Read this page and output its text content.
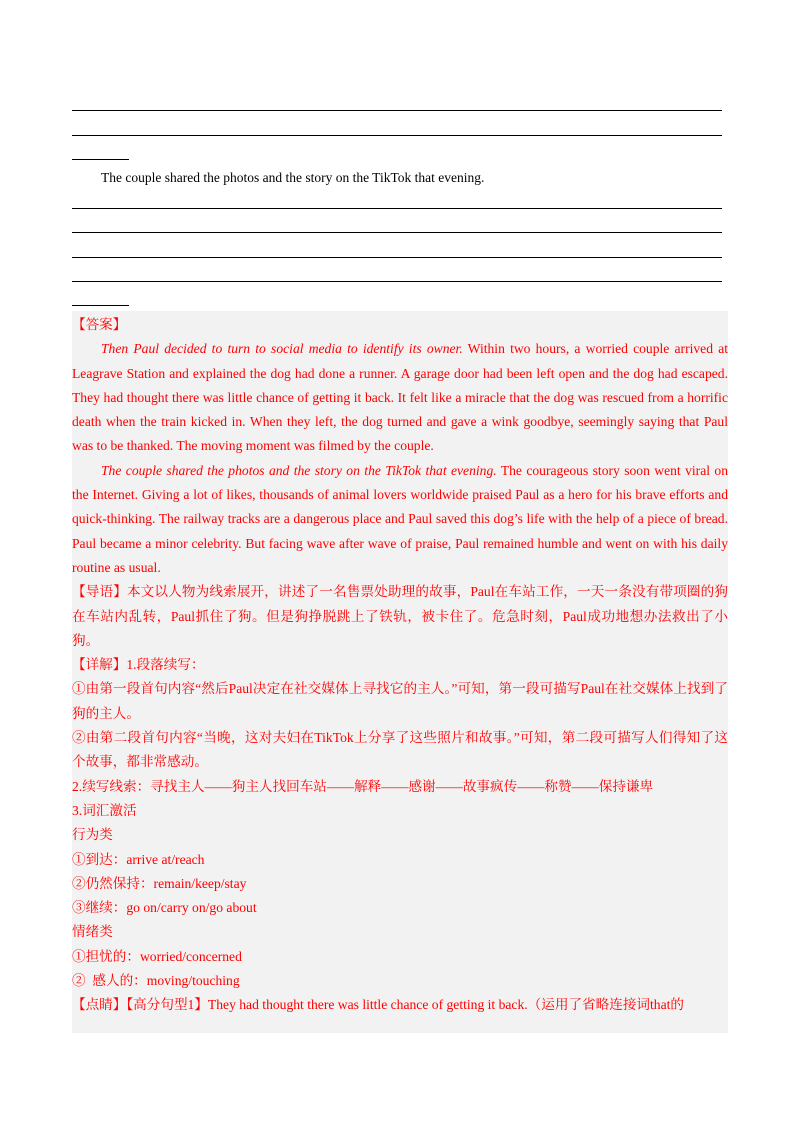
The couple shared the photos and the story on the TikTok that evening.

【答案】

Then Paul decided to turn to social media to identify its owner. Within two hours, a worried couple arrived at Leagrave Station and explained the dog had done a runner. A garage door had been left open and the dog had escaped. They had thought there was little chance of getting it back. It felt like a miracle that the dog was rescued from a horrific death when the train kicked in. When they left, the dog turned and gave a wink goodbye, seemingly saying that Paul was to be thanked. The moving moment was filmed by the couple.

The couple shared the photos and the story on the TikTok that evening. The courageous story soon went viral on the Internet. Giving a lot of likes, thousands of animal lovers worldwide praised Paul as a hero for his brave efforts and quick-thinking. The railway tracks are a dangerous place and Paul saved this dog’s life with the help of a piece of bread. Paul became a minor celebrity. But facing wave after wave of praise, Paul remained humble and went on with his daily routine as usual.

【导语】本文以人物为线索展开，讲述了一名售票处助理的故事，Paul在车站工作，一天一条没有带项圈的狗在车站内乱转，Paul抓住了狗。但是狗挣脱跳上了铁轨，被卡住了。危急时刻，Paul成功地想办法救出了小狗。

【详解】1.段落续写：

①由第一段首句内容“然后Paul决定在社交媒体上寻找它的主人。”可知，第一段可描写Paul在社交媒体上找到了狗的主人。

②由第二段首句内容“当晚，这对夫妇在TikTok上分享了这些照片和故事。”可知，第二段可描写人们得知了这个故事，都非常感动。

2.续写线索：寻找主人——狗主人找回车站——解释——感谢——故事疯传——称赞——保持谦卑

3.词汇激活

行为类

①到达：arrive at/reach

②仍然保持：remain/keep/stay

③继续：go on/carry on/go about

情绪类

①担忧的：worried/concerned

②  感人的：moving/touching

【点睛】【高分句型1】They had thought there was little chance of getting it back.（运用了省略连接词that的
